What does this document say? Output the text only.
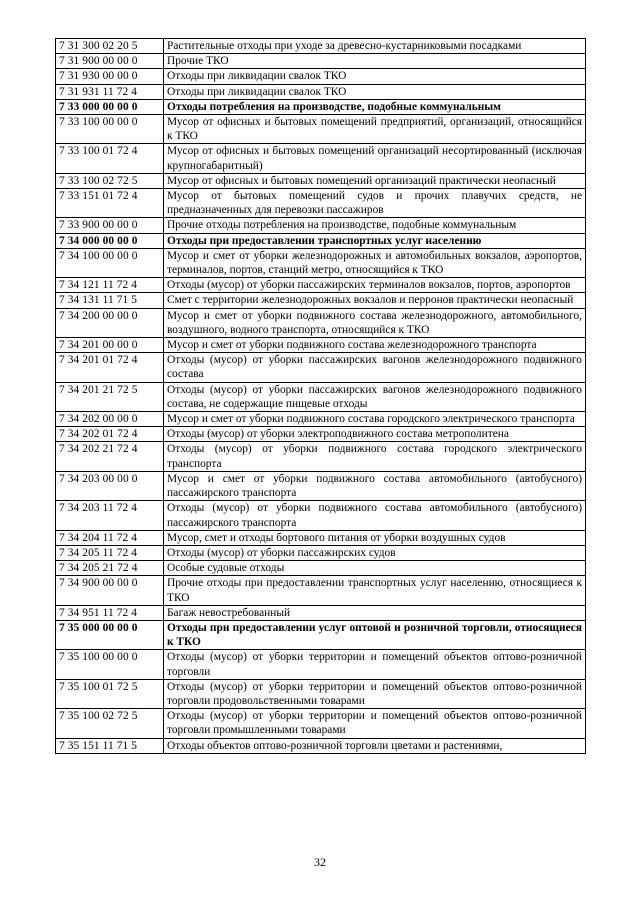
7 31 300 02 20 5	Растительные отходы при уходе за древесно-кустарниковыми посадками
7 31 900 00 00 0	Прочие ТКО
7 31 930 00 00 0	Отходы при ликвидации свалок ТКО
7 31 931 11 72 4	Отходы при ликвидации свалок ТКО
7 33 000 00 00 0	Отходы потребления на производстве, подобные коммунальным
7 33 100 00 00 0	Мусор от офисных и бытовых помещений предприятий, организаций, относящийся к ТКО
7 33 100 01 72 4	Мусор от офисных и бытовых помещений организаций несортированный (исключая крупногабаритный)
7 33 100 02 72 5	Мусор от офисных и бытовых помещений организаций практически неопасный
7 33 151 01 72 4	Мусор от бытовых помещений судов и прочих плавучих средств, не предназначенных для перевозки пассажиров
7 33 900 00 00 0	Прочие отходы потребления на производстве, подобные коммунальным
7 34 000 00 00 0	Отходы при предоставлении транспортных услуг населению
7 34 100 00 00 0	Мусор и смет от уборки железнодорожных и автомобильных вокзалов, аэропортов, терминалов, портов, станций метро, относящийся к ТКО
7 34 121 11 72 4	Отходы (мусор) от уборки пассажирских терминалов вокзалов, портов, аэропортов
7 34 131 11 71 5	Смет с территории железнодорожных вокзалов и перронов практически неопасный
7 34 200 00 00 0	Мусор и смет от уборки подвижного состава железнодорожного, автомобильного, воздушного, водного транспорта, относящийся к ТКО
7 34 201 00 00 0	Мусор и смет от уборки подвижного состава железнодорожного транспорта
7 34 201 01 72 4	Отходы (мусор) от уборки пассажирских вагонов железнодорожного подвижного состава
7 34 201 21 72 5	Отходы (мусор) от уборки пассажирских вагонов железнодорожного подвижного состава, не содержащие пищевые отходы
7 34 202 00 00 0	Мусор и смет от уборки подвижного состава городского электрического транспорта
7 34 202 01 72 4	Отходы (мусор) от уборки электроподвижного состава метрополитена
7 34 202 21 72 4	Отходы (мусор) от уборки подвижного состава городского электрического транспорта
7 34 203 00 00 0	Мусор и смет от уборки подвижного состава автомобильного (автобусного) пассажирского транспорта
7 34 203 11 72 4	Отходы (мусор) от уборки подвижного состава автомобильного (автобусного) пассажирского транспорта
7 34 204 11 72 4	Мусор, смет и отходы бортового питания от уборки воздушных судов
7 34 205 11 72 4	Отходы (мусор) от уборки пассажирских судов
7 34 205 21 72 4	Особые судовые отходы
7 34 900 00 00 0	Прочие отходы при предоставлении транспортных услуг населению, относящиеся к ТКО
7 34 951 11 72 4	Багаж невостребованный
7 35 000 00 00 0	Отходы при предоставлении услуг оптовой и розничной торговли, относящиеся к ТКО
7 35 100 00 00 0	Отходы (мусор) от уборки территории и помещений объектов оптово-розничной торговли
7 35 100 01 72 5	Отходы (мусор) от уборки территории и помещений объектов оптово-розничной торговли продовольственными товарами
7 35 100 02 72 5	Отходы (мусор) от уборки территории и помещений объектов оптово-розничной торговли промышленными товарами
7 35 151 11 71 5	Отходы объектов оптово-розничной торговли цветами и растениями,
32
